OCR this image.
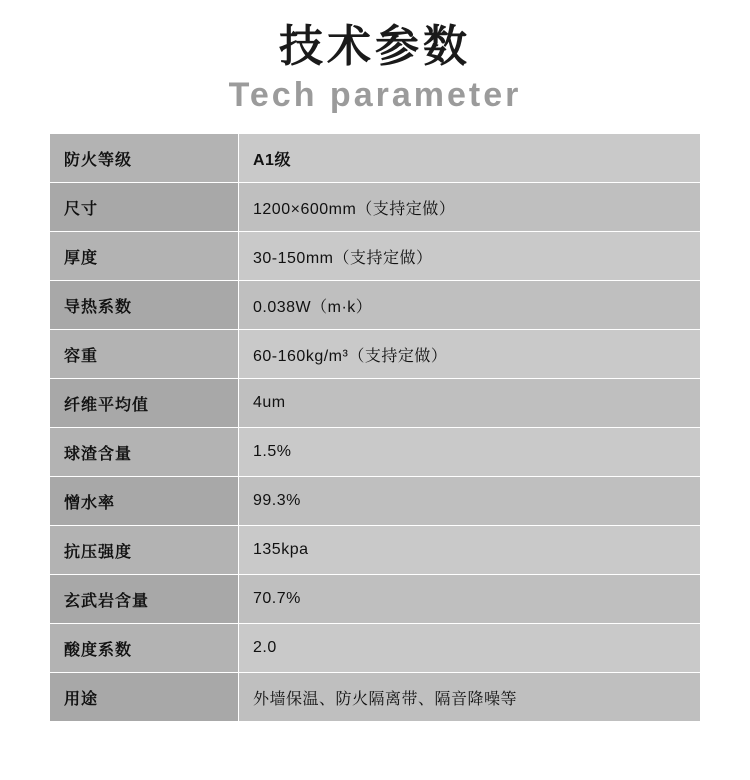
技术参数
Tech parameter
防火等级	A1级
尺寸	1200×600mm（支持定做）
厚度	30-150mm（支持定做）
导热系数	0.038W（m·k）
容重	60-160kg/m³（支持定做）
纤维平均值	4um
球渣含量	1.5%
憎水率	99.3%
抗压强度	135kpa
玄武岩含量	70.7%
酸度系数	2.0
用途	外墙保温、防火隔离带、隔音降噪等
